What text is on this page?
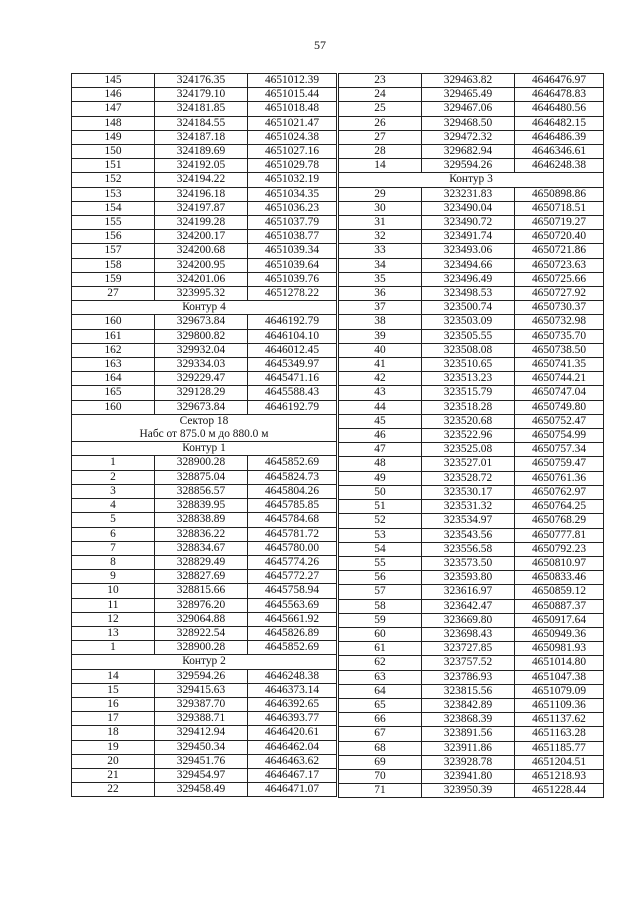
57
145	324176.35	4651012.39
146	324179.10	4651015.44
147	324181.85	4651018.48
148	324184.55	4651021.47
149	324187.18	4651024.38
150	324189.69	4651027.16
151	324192.05	4651029.78
152	324194.22	4651032.19
153	324196.18	4651034.35
154	324197.87	4651036.23
155	324199.28	4651037.79
156	324200.17	4651038.77
157	324200.68	4651039.34
158	324200.95	4651039.64
159	324201.06	4651039.76
27	323995.32	4651278.22

Контур 4		

160	329673.84	4646192.79
161	329800.82	4646104.10
162	329932.04	4646012.45
163	329334.03	4645349.97
164	329229.47	4645471.16
165	329128.29	4645588.43
160	329673.84	4646192.79

Сектор 18
Набс от 875.0 м до 880.0 м		

Контур 1		

1	328900.28	4645852.69
2	328875.04	4645824.73
3	328856.57	4645804.26
4	328839.95	4645785.85
5	328838.89	4645784.68
6	328836.22	4645781.72
7	328834.67	4645780.00
8	328829.49	4645774.26
9	328827.69	4645772.27
10	328815.66	4645758.94
11	328976.20	4645563.69
12	329064.88	4645661.92
13	328922.54	4645826.89
1	328900.28	4645852.69

Контур 2		

14	329594.26	4646248.38
15	329415.63	4646373.14
16	329387.70	4646392.65
17	329388.71	4646393.77
18	329412.94	4646420.61
19	329450.34	4646462.04
20	329451.76	4646463.62
21	329454.97	4646467.17
22	329458.49	4646471.07
23	329463.82	4646476.97
24	329465.49	4646478.83
25	329467.06	4646480.56
26	329468.50	4646482.15
27	329472.32	4646486.39
28	329682.94	4646346.61
14	329594.26	4646248.38

Контур 3		

29	323231.83	4650898.86
30	323490.04	4650718.51
31	323490.72	4650719.27
32	323491.74	4650720.40
33	323493.06	4650721.86
34	323494.66	4650723.63
35	323496.49	4650725.66
36	323498.53	4650727.92
37	323500.74	4650730.37
38	323503.09	4650732.98
39	323505.55	4650735.70
40	323508.08	4650738.50
41	323510.65	4650741.35
42	323513.23	4650744.21
43	323515.79	4650747.04
44	323518.28	4650749.80
45	323520.68	4650752.47
46	323522.96	4650754.99
47	323525.08	4650757.34
48	323527.01	4650759.47
49	323528.72	4650761.36
50	323530.17	4650762.97
51	323531.32	4650764.25
52	323534.97	4650768.29
53	323543.56	4650777.81
54	323556.58	4650792.23
55	323573.50	4650810.97
56	323593.80	4650833.46
57	323616.97	4650859.12
58	323642.47	4650887.37
59	323669.80	4650917.64
60	323698.43	4650949.36
61	323727.85	4650981.93
62	323757.52	4651014.80
63	323786.93	4651047.38
64	323815.56	4651079.09
65	323842.89	4651109.36
66	323868.39	4651137.62
67	323891.56	4651163.28
68	323911.86	4651185.77
69	323928.78	4651204.51
70	323941.80	4651218.93
71	323950.39	4651228.44
